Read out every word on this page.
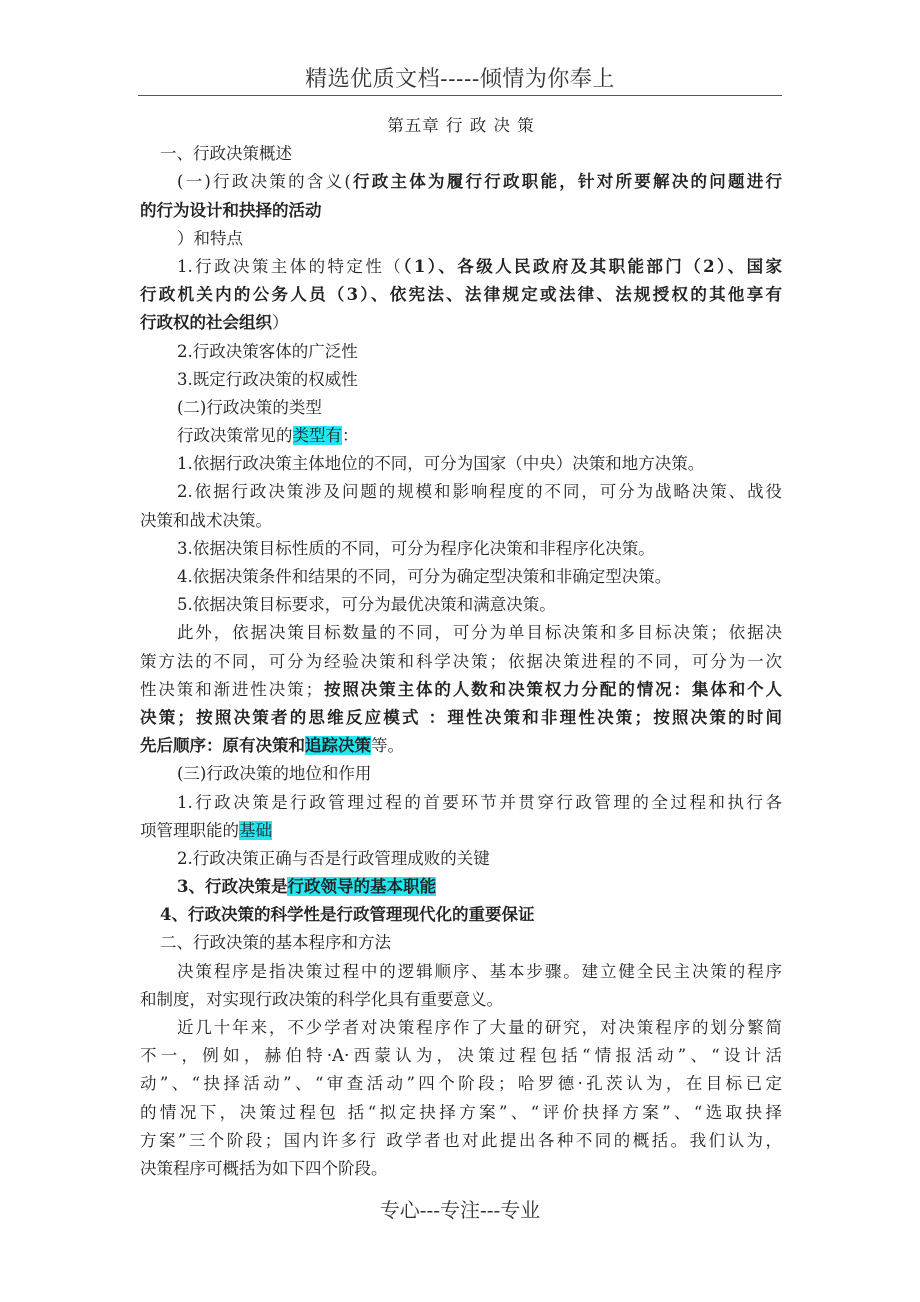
精选优质文档-----倾情为你奉上
第五章 行 政 决 策
一、行政决策概述
(一)行政决策的含义(行政主体为履行行政职能，针对所要解决的问题进行
的行为设计和抉择的活动
）和特点
1.行政决策主体的特定性（（1）、各级人民政府及其职能部门（2）、国家
行政机关内的公务人员（3）、依宪法、法律规定或法律、法规授权的其他享有
行政权的社会组织）
2.行政决策客体的广泛性
3.既定行政决策的权威性
(二)行政决策的类型
行政决策常见的类型有：
1.依据行政决策主体地位的不同，可分为国家（中央）决策和地方决策。
2.依据行政决策涉及问题的规模和影响程度的不同，可分为战略决策、战役
决策和战术决策。
3.依据决策目标性质的不同，可分为程序化决策和非程序化决策。
4.依据决策条件和结果的不同，可分为确定型决策和非确定型决策。
5.依据决策目标要求，可分为最优决策和满意决策。
此外，依据决策目标数量的不同，可分为单目标决策和多目标决策；依据决
策方法的不同，可分为经验决策和科学决策；依据决策进程的不同，可分为一次
性决策和渐进性决策；按照决策主体的人数和决策权力分配的情况：集体和个人
决策；按照决策者的思维反应模式 ：理性决策和非理性决策；按照决策的时间
先后顺序：原有决策和追踪决策等。
(三)行政决策的地位和作用
1.行政决策是行政管理过程的首要环节并贯穿行政管理的全过程和执行各
项管理职能的基础
2.行政决策正确与否是行政管理成败的关键
3、行政决策是行政领导的基本职能
4、行政决策的科学性是行政管理现代化的重要保证
二、行政决策的基本程序和方法
决策程序是指决策过程中的逻辑顺序、基本步骤。建立健全民主决策的程序
和制度，对实现行政决策的科学化具有重要意义。
近几十年来，不少学者对决策程序作了大量的研究，对决策程序的划分繁简
不一，例如，赫伯特·A·西蒙认为，决策过程包括“情报活动”、“设计活
动”、“抉择活动”、“审查活动”四个阶段；哈罗德·孔茨认为，在目标已定
的情况下，决策过程包 括“拟定抉择方案”、“评价抉择方案”、“选取抉择
方案”三个阶段；国内许多行 政学者也对此提出各种不同的概括。我们认为，
决策程序可概括为如下四个阶段。
专心---专注---专业
